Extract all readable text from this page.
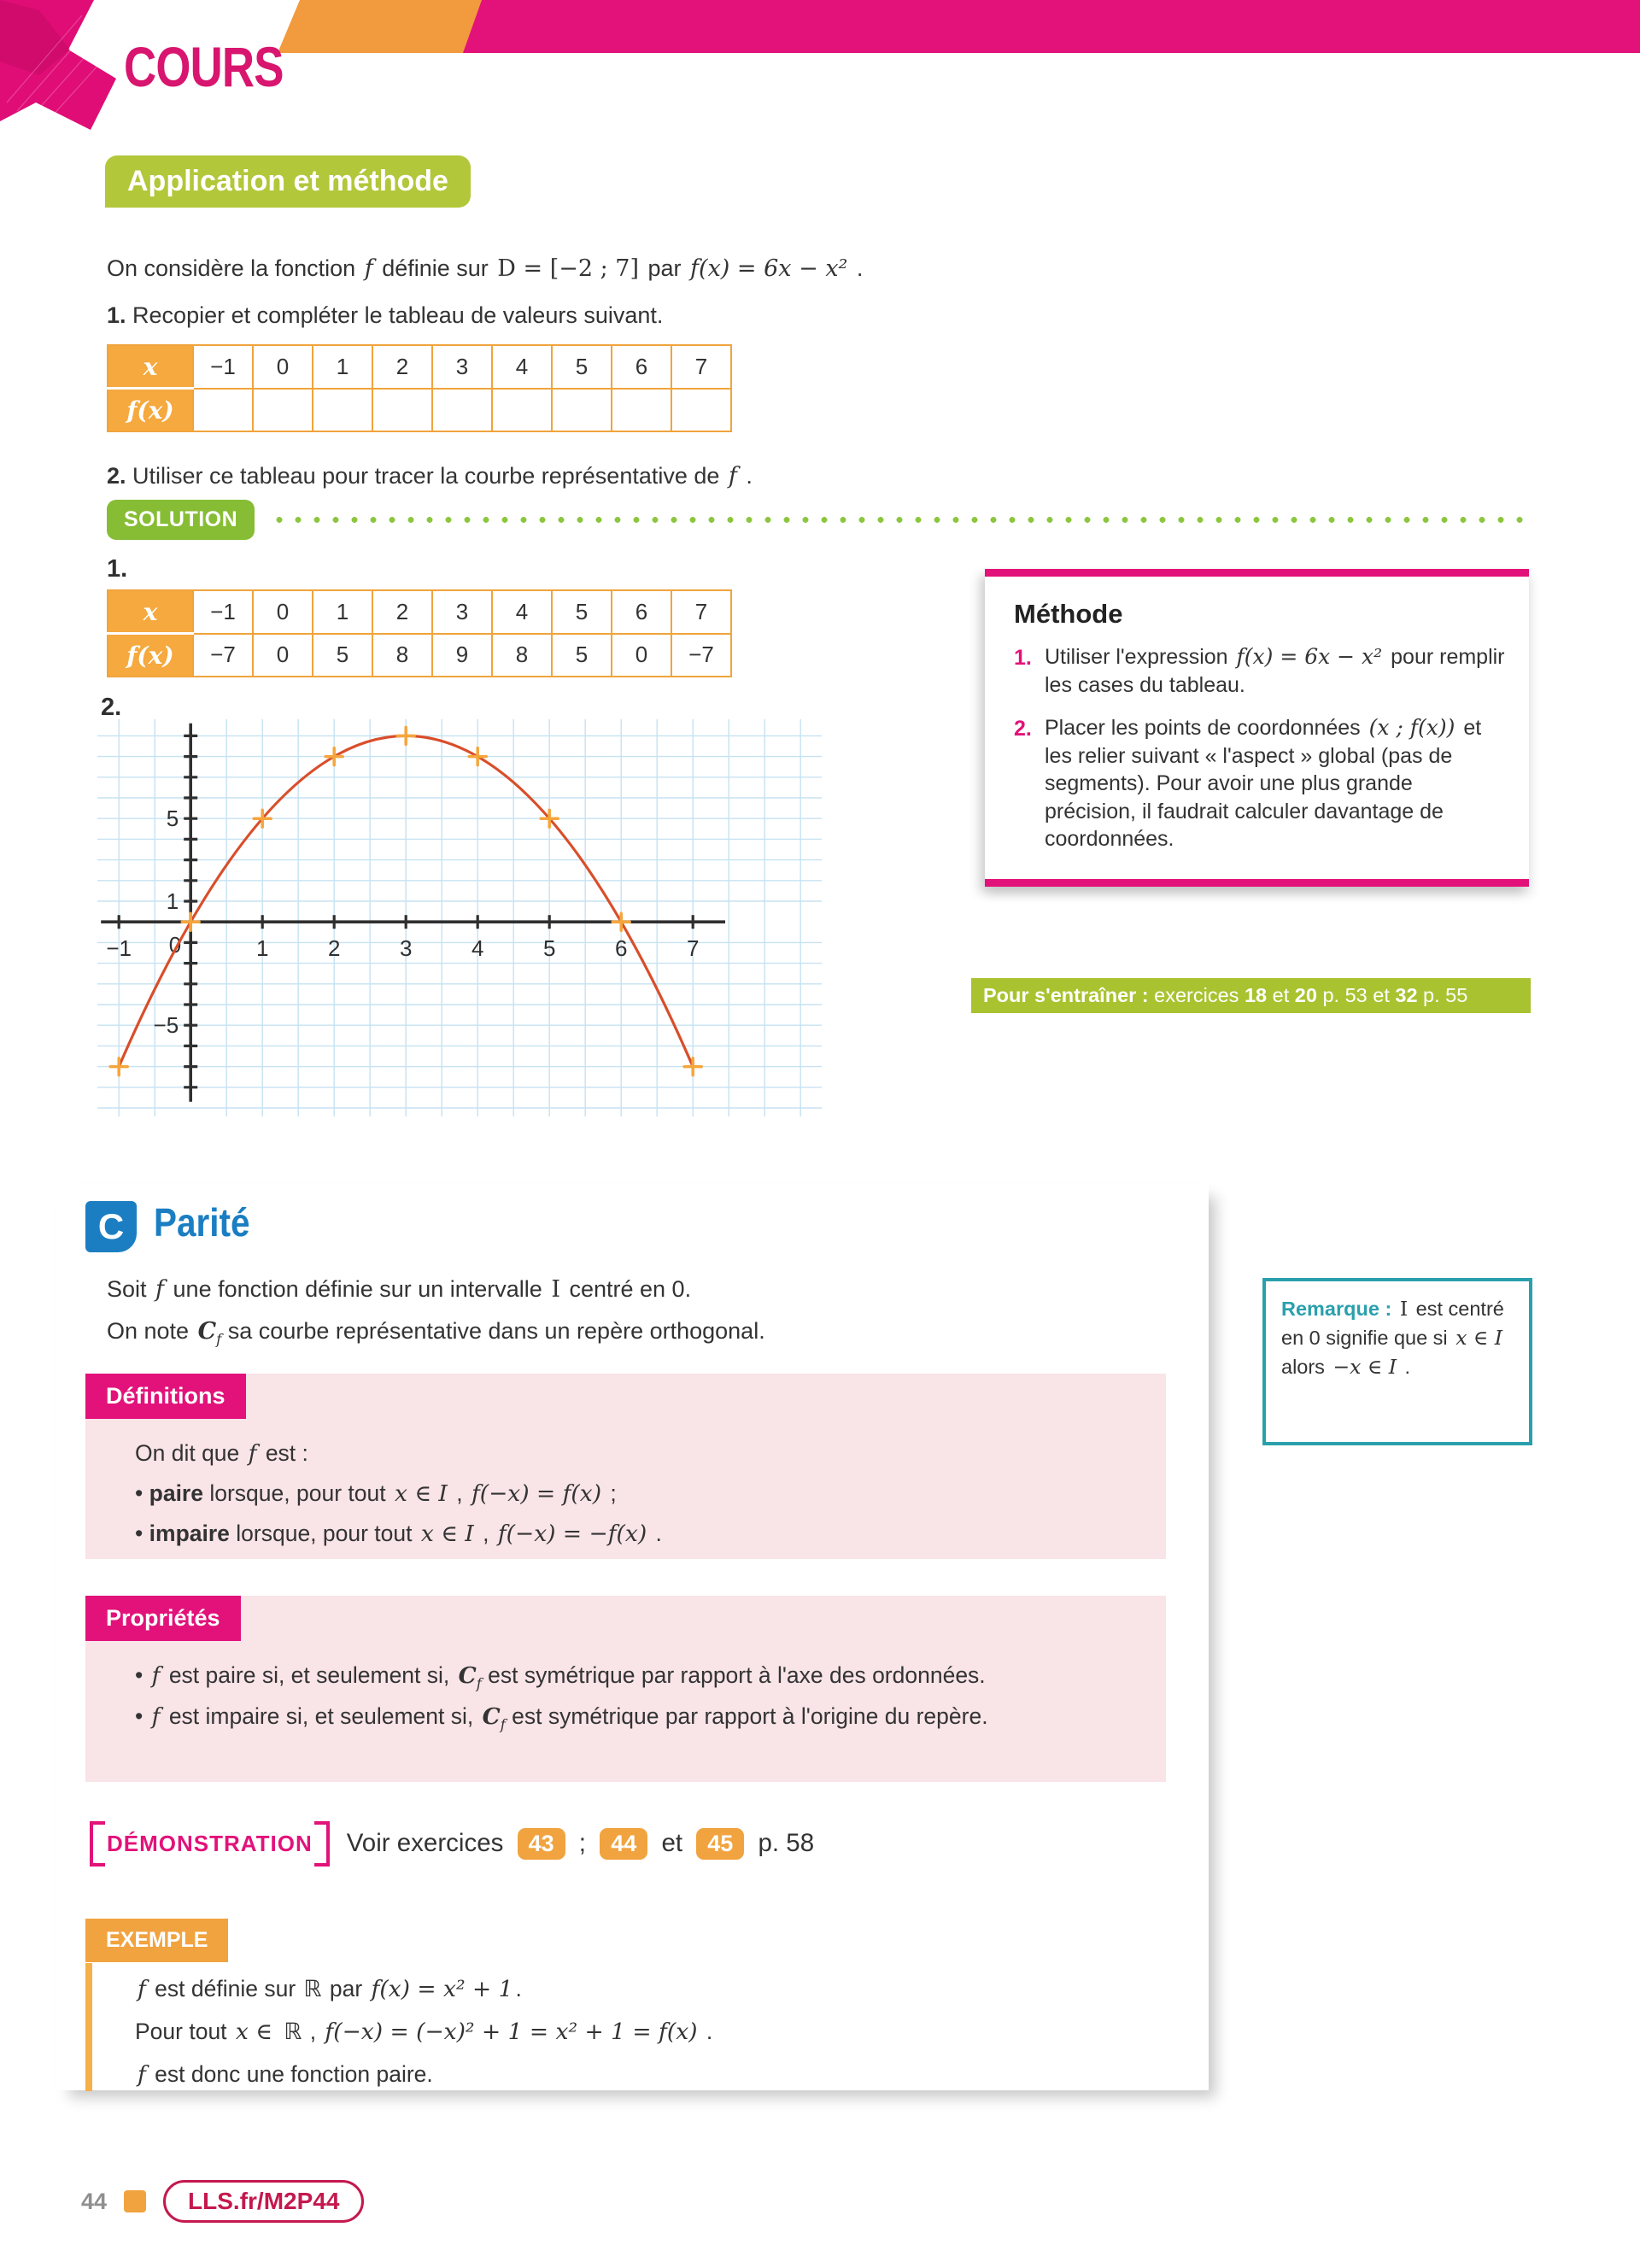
COURS
Application et méthode
On considère la fonction f définie sur D = [−2 ; 7] par f(x) = 6x − x² .
1. Recopier et compléter le tableau de valeurs suivant.
x	−1	0	1	2	3	4	5	6	7
f(x)									
2. Utiliser ce tableau pour tracer la courbe représentative de f .
SOLUTION
1.
x	−1	0	1	2	3	4	5	6	7
f(x)	−7	0	5	8	9	8	5	0	−7
2.
−1	1	2	3	4	5	6	7
5
1
−5
0
Méthode
1. Utiliser l'expression f(x) = 6x − x² pour remplir les cases du tableau.
2. Placer les points de coordonnées (x ; f(x)) et les relier suivant « l'aspect » global (pas de segments). Pour avoir une plus grande précision, il faudrait calculer davantage de coordonnées.
Pour s'entraîner : exercices 18 et 20 p. 53 et 32 p. 55
C Parité
Soit f une fonction définie sur un intervalle I centré en 0.
On note $C_f$ sa courbe représentative dans un repère orthogonal.
Définitions
On dit que f est :
• paire lorsque, pour tout x ∈ I , f(−x) = f(x) ;
• impaire lorsque, pour tout x ∈ I , f(−x) = −f(x) .
Propriétés
• f est paire si, et seulement si, $C_f$ est symétrique par rapport à l'axe des ordonnées.
• f est impaire si, et seulement si, $C_f$ est symétrique par rapport à l'origine du repère.
Remarque : I est centré en 0 signifie que si x ∈ I alors −x ∈ I .
DÉMONSTRATION	Voir exercices 43 ; 44 et 45 p. 58
EXEMPLE
f est définie sur ℝ par f(x) = x² + 1 .
Pour tout x ∈ ℝ , f(−x) = (−x)² + 1 = x² + 1 = f(x) .
f est donc une fonction paire.
44	LLS.fr/M2P44
